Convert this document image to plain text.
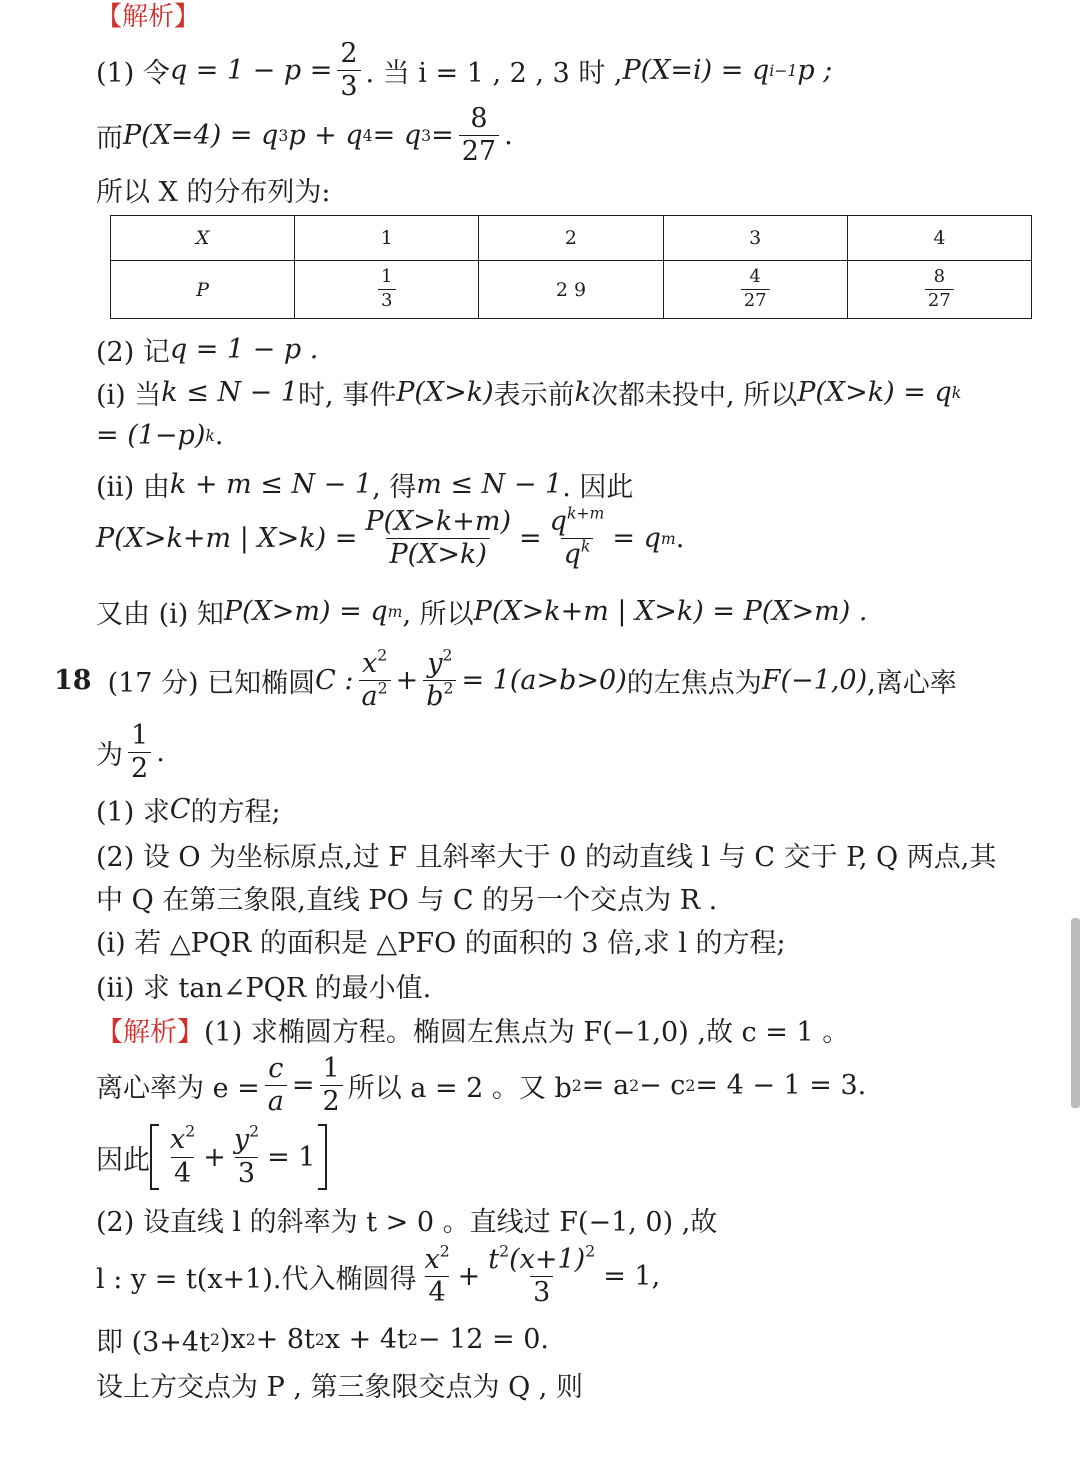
【解析】
(1) 令 $q = 1 - p = \frac{2}{3}$ . 当 i = 1 , 2 , 3 时 , P(X=i) = q i−1 p ;
而 P(X=4) = q 3 p + q 4 = q $3 = \frac{8}{27}$ .
所以 X 的分布列为:
X	1	2	3	4
P	$\frac{1}{3}$	2 9	$\frac{4}{27}$	$\frac{8}{27}$
(2) 记 q = 1 − p .
(i) 当 k ≤ N − 1 时, 事件 P(X>k) 表示前 k 次都未投中, 所以 P(X>k) = q k
= (1−p) k .
(ii) 由 k + m ≤ N − 1 , 得 m ≤ N − 1 . 因此
P(X>k+m | $X>k) = \frac{P(X>k+m)}{P(X>k)} = \frac{q^{k+m}}{q^k} = q$ m .
又由 (i) 知 P(X>m) = q m , 所以 P(X>k+m | X>k) = P(X>m) .
18 (17 分) 已知椭圆 C : $\frac{x^2}{a^2} + \frac{y^2}{b^2} = 1(a>b>0)$ 的左焦点为 F(−1,0) ,离心率
为 $\frac{1}{2}$ .
(1) 求 C 的方程;
(2) 设 O 为坐标原点,过 F 且斜率大于 0 的动直线 l 与 C 交于 P, Q 两点,其
中 Q 在第三象限,直线 PO 与 C 的另一个交点为 R .
(i) 若 △PQR 的面积是 △PFO 的面积的 3 倍,求 l 的方程;
(ii) 求 tan∠PQR 的最小值.
【解析】 (1) 求椭圆方程。椭圆左焦点为 F(−1,0) ,故 c = 1 。
离心率为 $e = \frac{c}{a} = \frac{1}{2}$ 所以 a = 2 。又 b 2 = a 2 − c 2 = 4 − 1 = 3.
因此 $\frac{x^2}{4} + \frac{y^2}{3} = 1$
(2) 设直线 l 的斜率为 t > 0 。直线过 F(−1, 0) ,故
l : y = t(x+1).代入椭圆得 $\frac{x^2}{4} + \frac{t^2(x+1)^2}{3} = 1$,
即 (3+4t 2 )x 2 + 8t 2 x + 4t 2 − 12 = 0.
设上方交点为 P , 第三象限交点为 Q , 则
